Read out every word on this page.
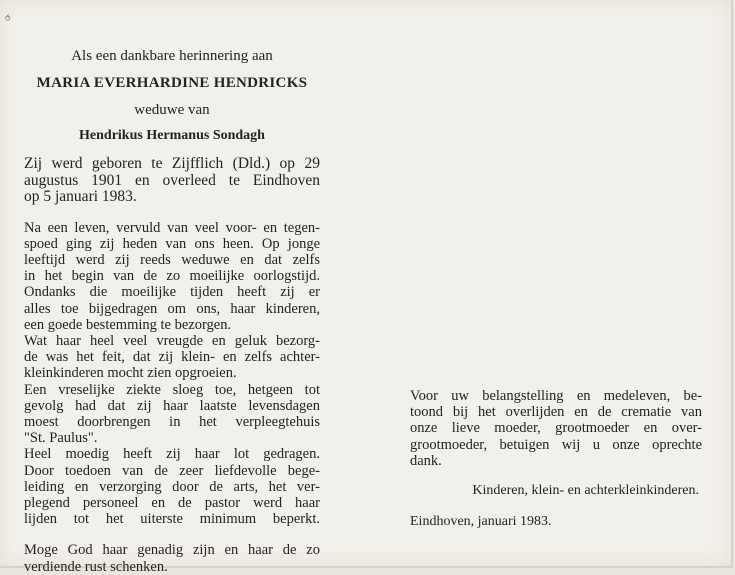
⥀

Als een dankbare herinnering aan

MARIA EVERHARDINE HENDRICKS

weduwe van

Hendrikus Hermanus Sondagh

Zij werd geboren te Zijfflich (Dld.) op 29
augustus 1901 en overleed te Eindhoven
op 5 januari 1983.
Na een leven, vervuld van veel voor- en tegen-
spoed ging zij heden van ons heen. Op jonge
leeftijd werd zij reeds weduwe en dat zelfs
in het begin van de zo moeilijke oorlogstijd.
Ondanks die moeilijke tijden heeft zij er
alles toe bijgedragen om ons, haar kinderen,
een goede bestemming te bezorgen.
Wat haar heel veel vreugde en geluk bezorg-
de was het feit, dat zij klein- en zelfs achter-
kleinkinderen mocht zien opgroeien.
Een vreselijke ziekte sloeg toe, hetgeen tot
gevolg had dat zij haar laatste levensdagen
moest doorbrengen in het verpleegtehuis
"St. Paulus".
Heel moedig heeft zij haar lot gedragen.
Door toedoen van de zeer liefdevolle bege-
leiding en verzorging door de arts, het ver-
plegend personeel en de pastor werd haar
lijden tot het uiterste minimum beperkt.
Moge God haar genadig zijn en haar de zo
verdiende rust schenken.
Voor uw belangstelling en medeleven, be-
toond bij het overlijden en de crematie van
onze lieve moeder, grootmoeder en over-
grootmoeder, betuigen wij u onze oprechte
dank.

Kinderen, klein- en achterkleinkinderen.

Eindhoven, januari 1983.
